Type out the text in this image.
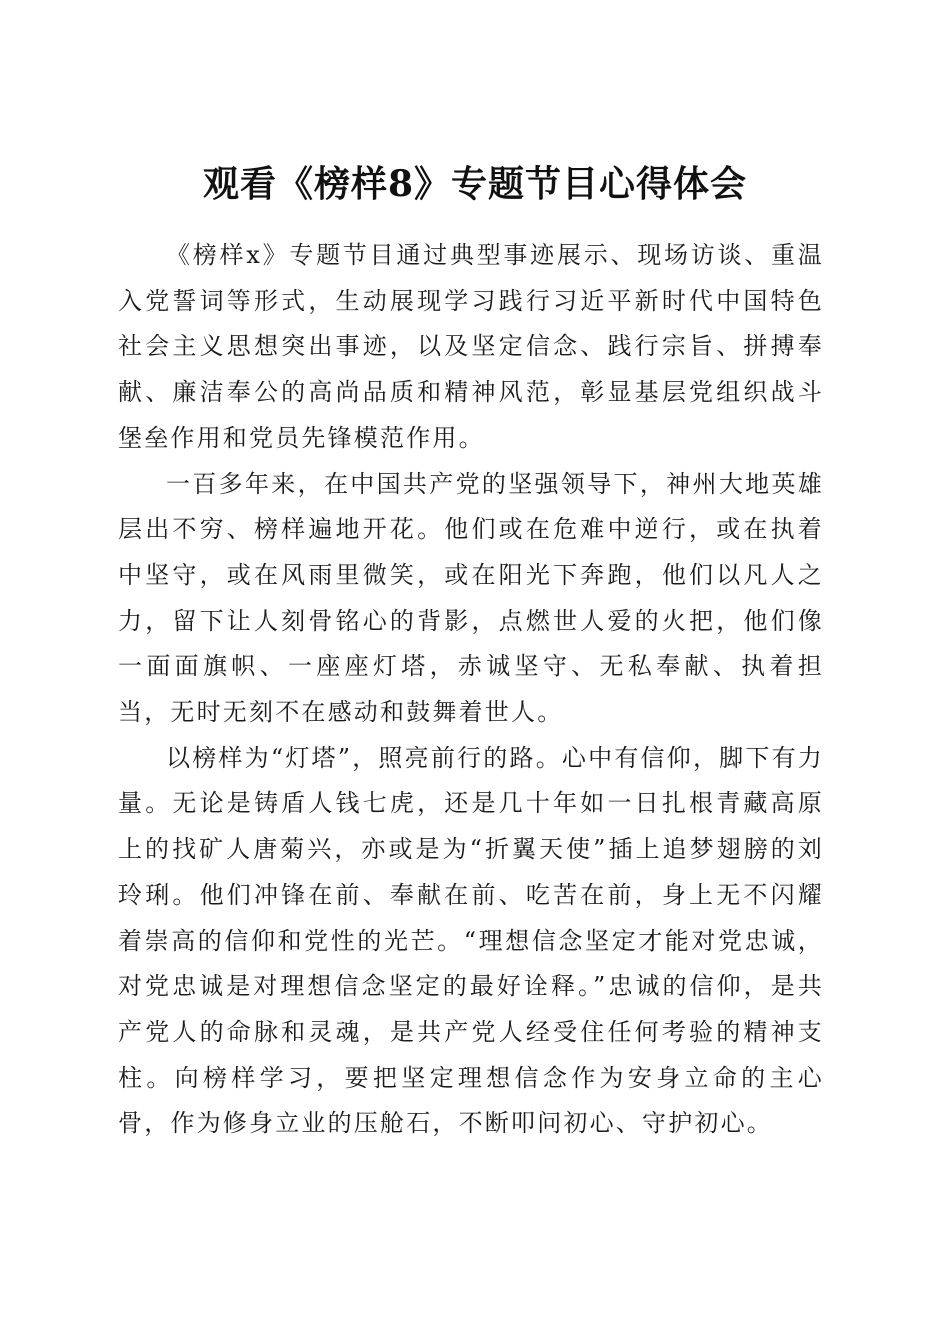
观看《榜样8》专题节目心得体会

《榜样x》专题节目通过典型事迹展示、现场访谈、重温入党誓词等形式，生动展现学习践行习近平新时代中国特色社会主义思想突出事迹，以及坚定信念、践行宗旨、拼搏奉献、廉洁奉公的高尚品质和精神风范，彰显基层党组织战斗堡垒作用和党员先锋模范作用。

一百多年来，在中国共产党的坚强领导下，神州大地英雄层出不穷、榜样遍地开花。他们或在危难中逆行，或在执着中坚守，或在风雨里微笑，或在阳光下奔跑，他们以凡人之力，留下让人刻骨铭心的背影，点燃世人爱的火把，他们像一面面旗帜、一座座灯塔，赤诚坚守、无私奉献、执着担当，无时无刻不在感动和鼓舞着世人。

以榜样为“灯塔”，照亮前行的路。心中有信仰，脚下有力量。无论是铸盾人钱七虎，还是几十年如一日扎根青藏高原上的找矿人唐菊兴，亦或是为“折翼天使”插上追梦翅膀的刘玲琍。他们冲锋在前、奉献在前、吃苦在前，身上无不闪耀着崇高的信仰和党性的光芒。“理想信念坚定才能对党忠诚，对党忠诚是对理想信念坚定的最好诠释。”忠诚的信仰，是共产党人的命脉和灵魂，是共产党人经受住任何考验的精神支柱。向榜样学习，要把坚定理想信念作为安身立命的主心骨，作为修身立业的压舱石，不断叩问初心、守护初心。
